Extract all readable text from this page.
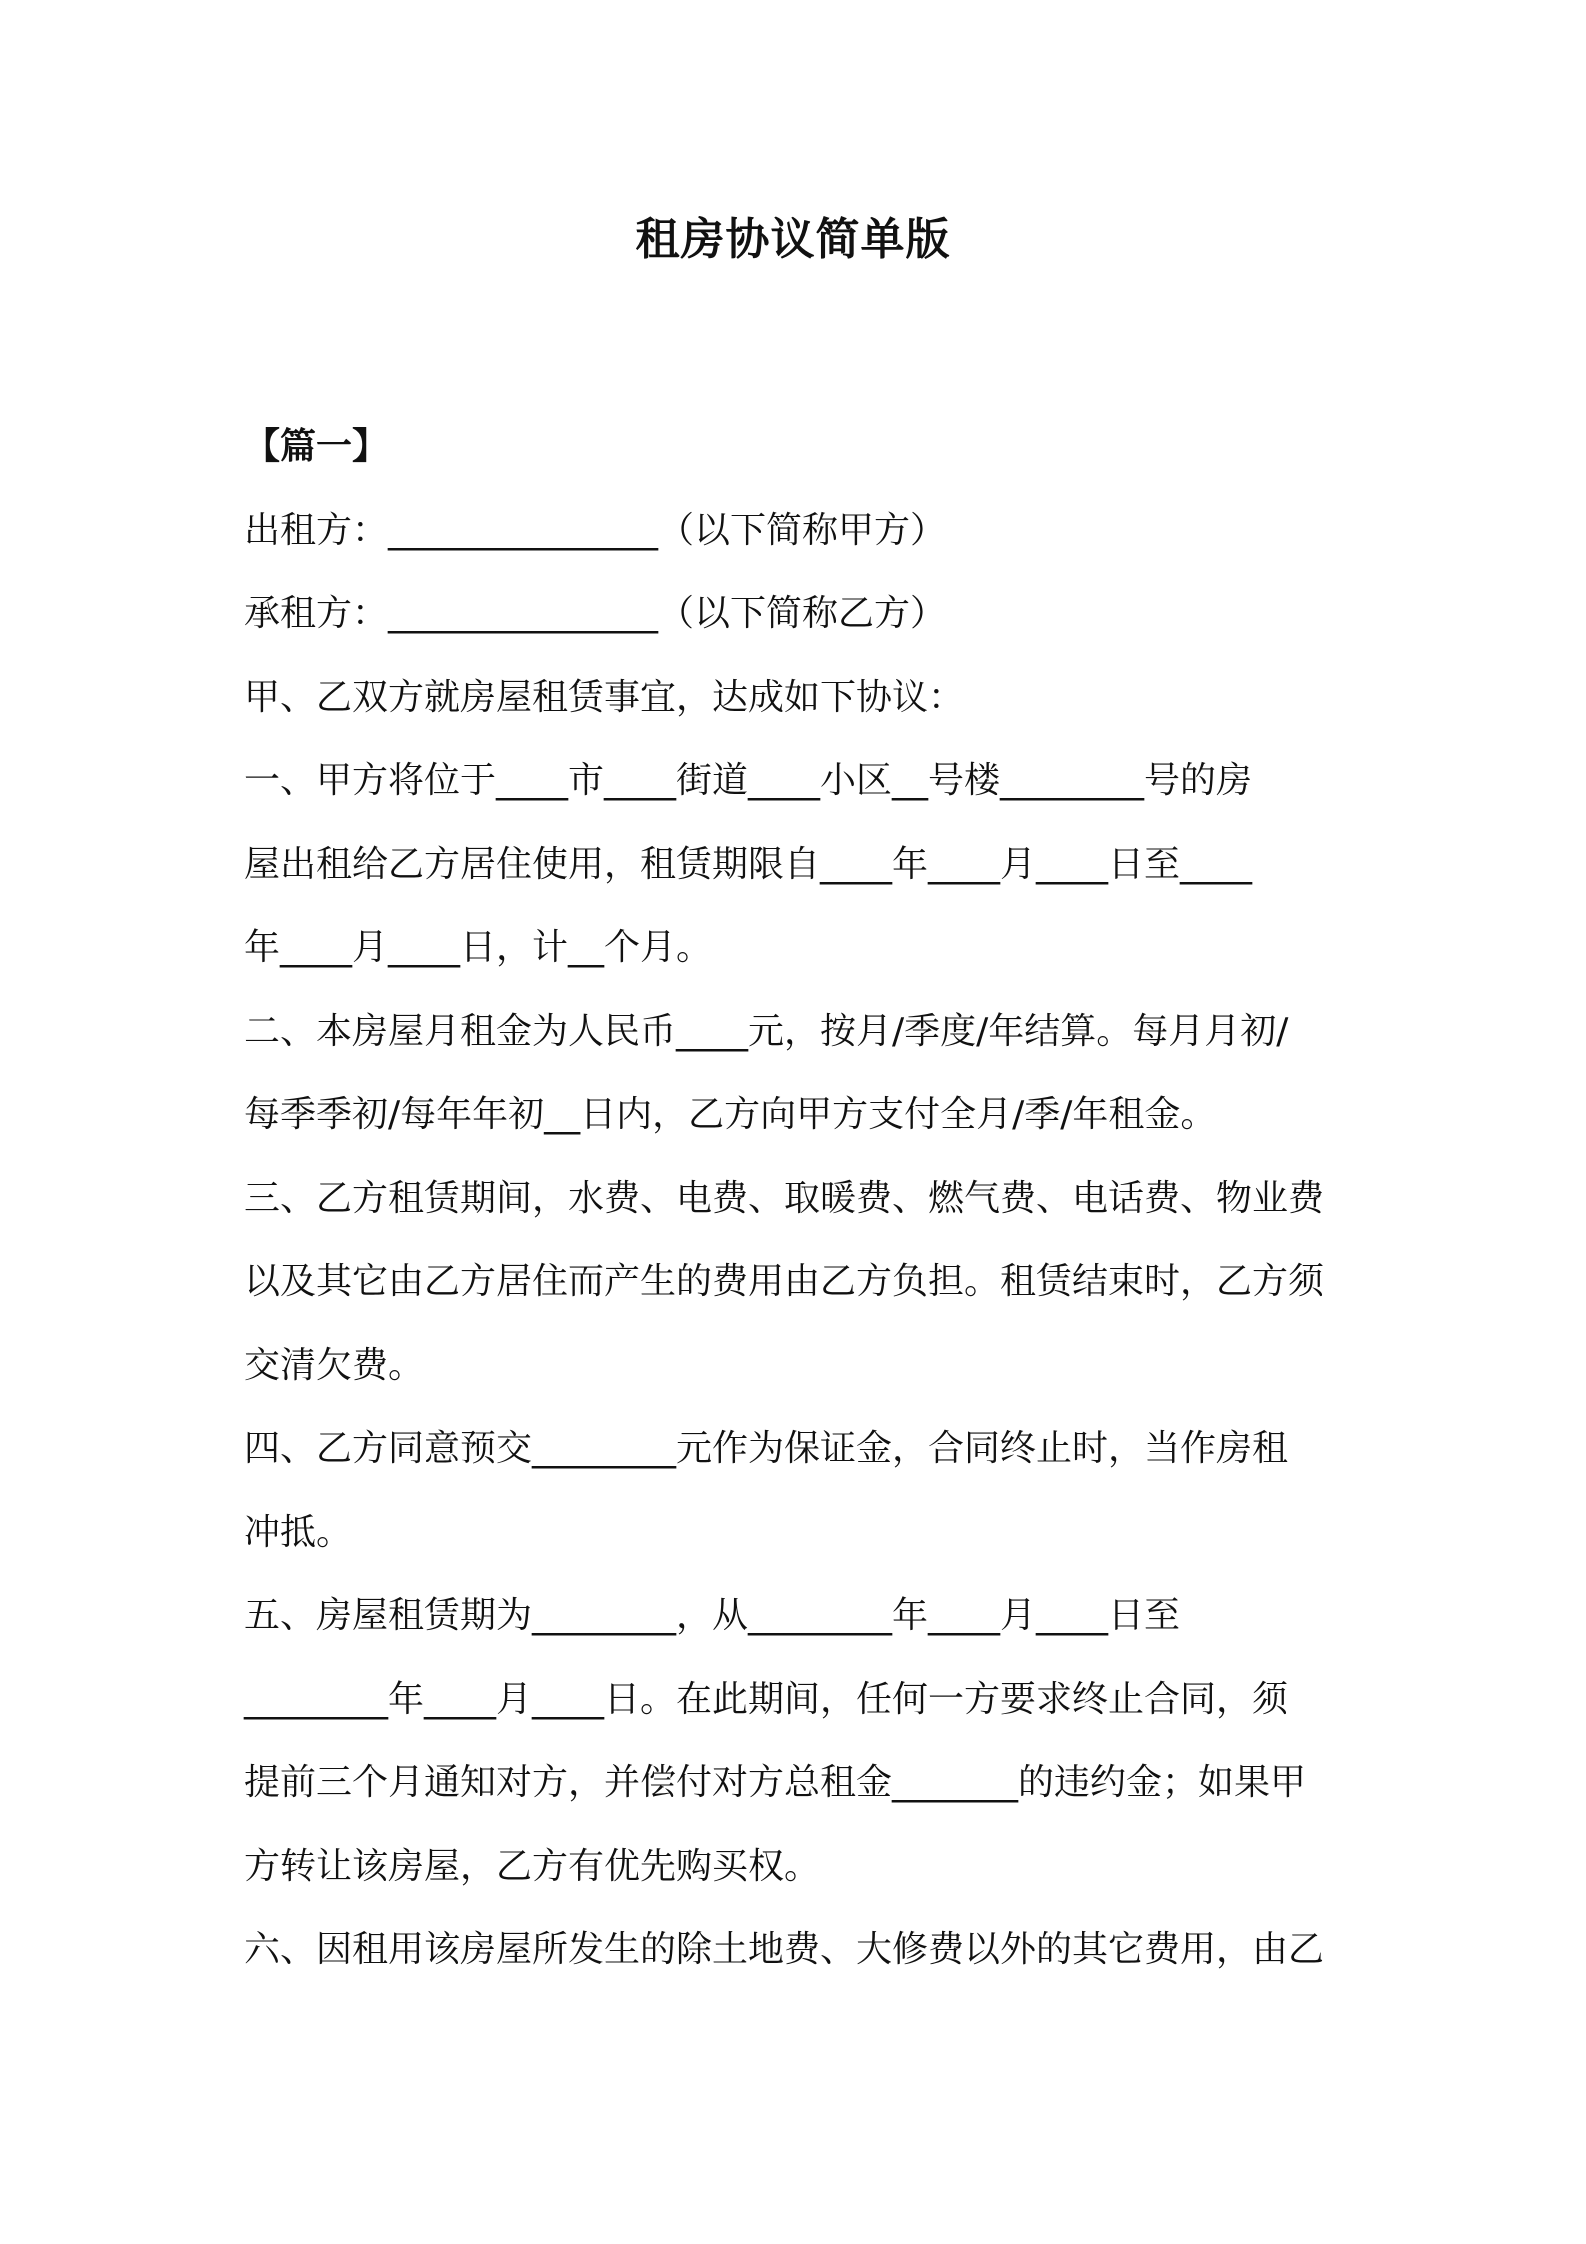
租房协议简单版
【篇一】
出租方：_______________（以下简称甲方）
承租方：_______________（以下简称乙方）
甲、乙双方就房屋租赁事宜，达成如下协议：
一、甲方将位于____市____街道____小区__号楼________号的房
屋出租给乙方居住使用，租赁期限自____年____月____日至____
年____月____日，计__个月。
二、本房屋月租金为人民币____元，按月/季度/年结算。每月月初/
每季季初/每年年初__日内，乙方向甲方支付全月/季/年租金。
三、乙方租赁期间，水费、电费、取暖费、燃气费、电话费、物业费
以及其它由乙方居住而产生的费用由乙方负担。租赁结束时，乙方须
交清欠费。
四、乙方同意预交________元作为保证金，合同终止时，当作房租
冲抵。
五、房屋租赁期为________，从________年____月____日至
________年____月____日。在此期间，任何一方要求终止合同，须
提前三个月通知对方，并偿付对方总租金_______的违约金；如果甲
方转让该房屋，乙方有优先购买权。
六、因租用该房屋所发生的除土地费、大修费以外的其它费用，由乙
